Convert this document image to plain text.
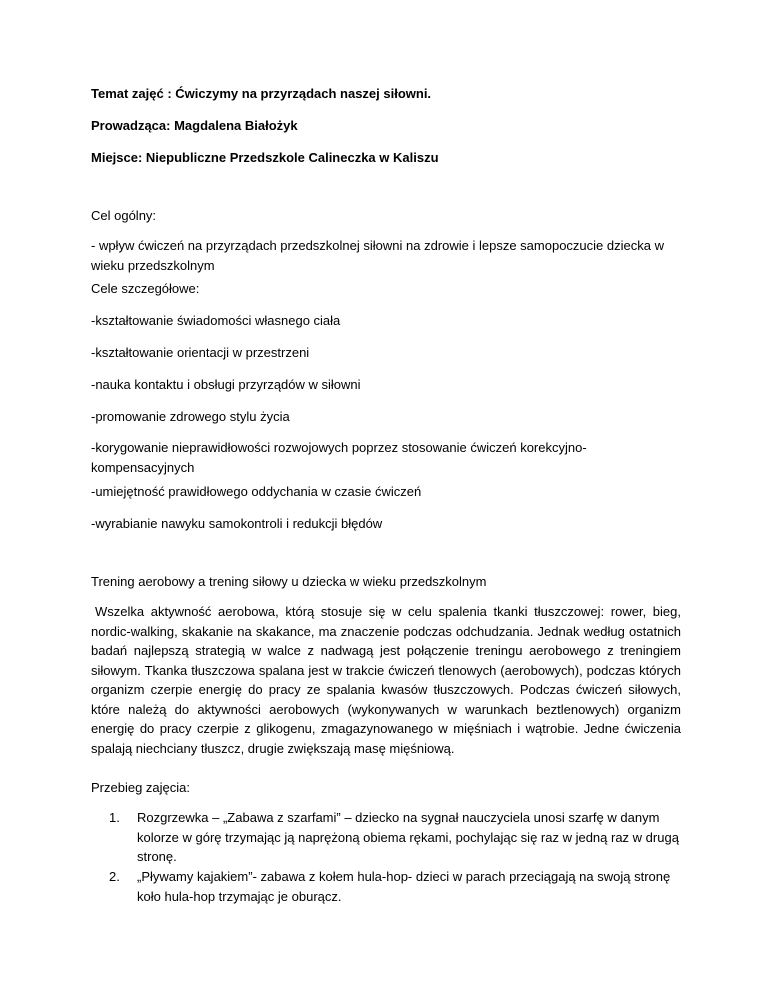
Temat zajęć : Ćwiczymy na przyrządach naszej siłowni.
Prowadząca: Magdalena Białożyk
Miejsce: Niepubliczne Przedszkole Calineczka w Kaliszu
Cel ogólny:
- wpływ ćwiczeń na przyrządach przedszkolnej siłowni na zdrowie i lepsze samopoczucie dziecka w wieku przedszkolnym
Cele szczegółowe:
-kształtowanie świadomości własnego ciała
-kształtowanie orientacji w przestrzeni
-nauka kontaktu i obsługi przyrządów w siłowni
-promowanie zdrowego stylu życia
-korygowanie nieprawidłowości rozwojowych poprzez stosowanie ćwiczeń korekcyjno-kompensacyjnych
-umiejętność prawidłowego oddychania w czasie ćwiczeń
-wyrabianie nawyku samokontroli i redukcji błędów
Trening aerobowy a trening siłowy u dziecka w wieku przedszkolnym
Wszelka aktywność aerobowa, którą stosuje się w celu spalenia tkanki tłuszczowej: rower, bieg, nordic-walking, skakanie na skakance, ma znaczenie podczas odchudzania. Jednak według ostatnich badań najlepszą strategią w walce z nadwagą jest połączenie treningu aerobowego z treningiem siłowym. Tkanka tłuszczowa spalana jest w trakcie ćwiczeń tlenowych (aerobowych), podczas których organizm czerpie energię do pracy ze spalania kwasów tłuszczowych. Podczas ćwiczeń siłowych, które należą do aktywności aerobowych (wykonywanych w warunkach beztlenowych) organizm energię do pracy czerpie z glikogenu, zmagazynowanego w mięśniach i wątrobie. Jedne ćwiczenia spalają niechciany tłuszcz, drugie zwiększają masę mięśniową.
Przebieg zajęcia:
1.	Rozgrzewka – „Zabawa z szarfami” – dziecko na sygnał nauczyciela unosi szarfę w danym kolorze w górę trzymając ją naprężoną obiema rękami, pochylając się raz w jedną raz w drugą stronę.
2.	„Pływamy kajakiem”- zabawa z kołem hula-hop- dzieci w parach przeciągają na swoją stronę koło hula-hop trzymając je oburącz.
